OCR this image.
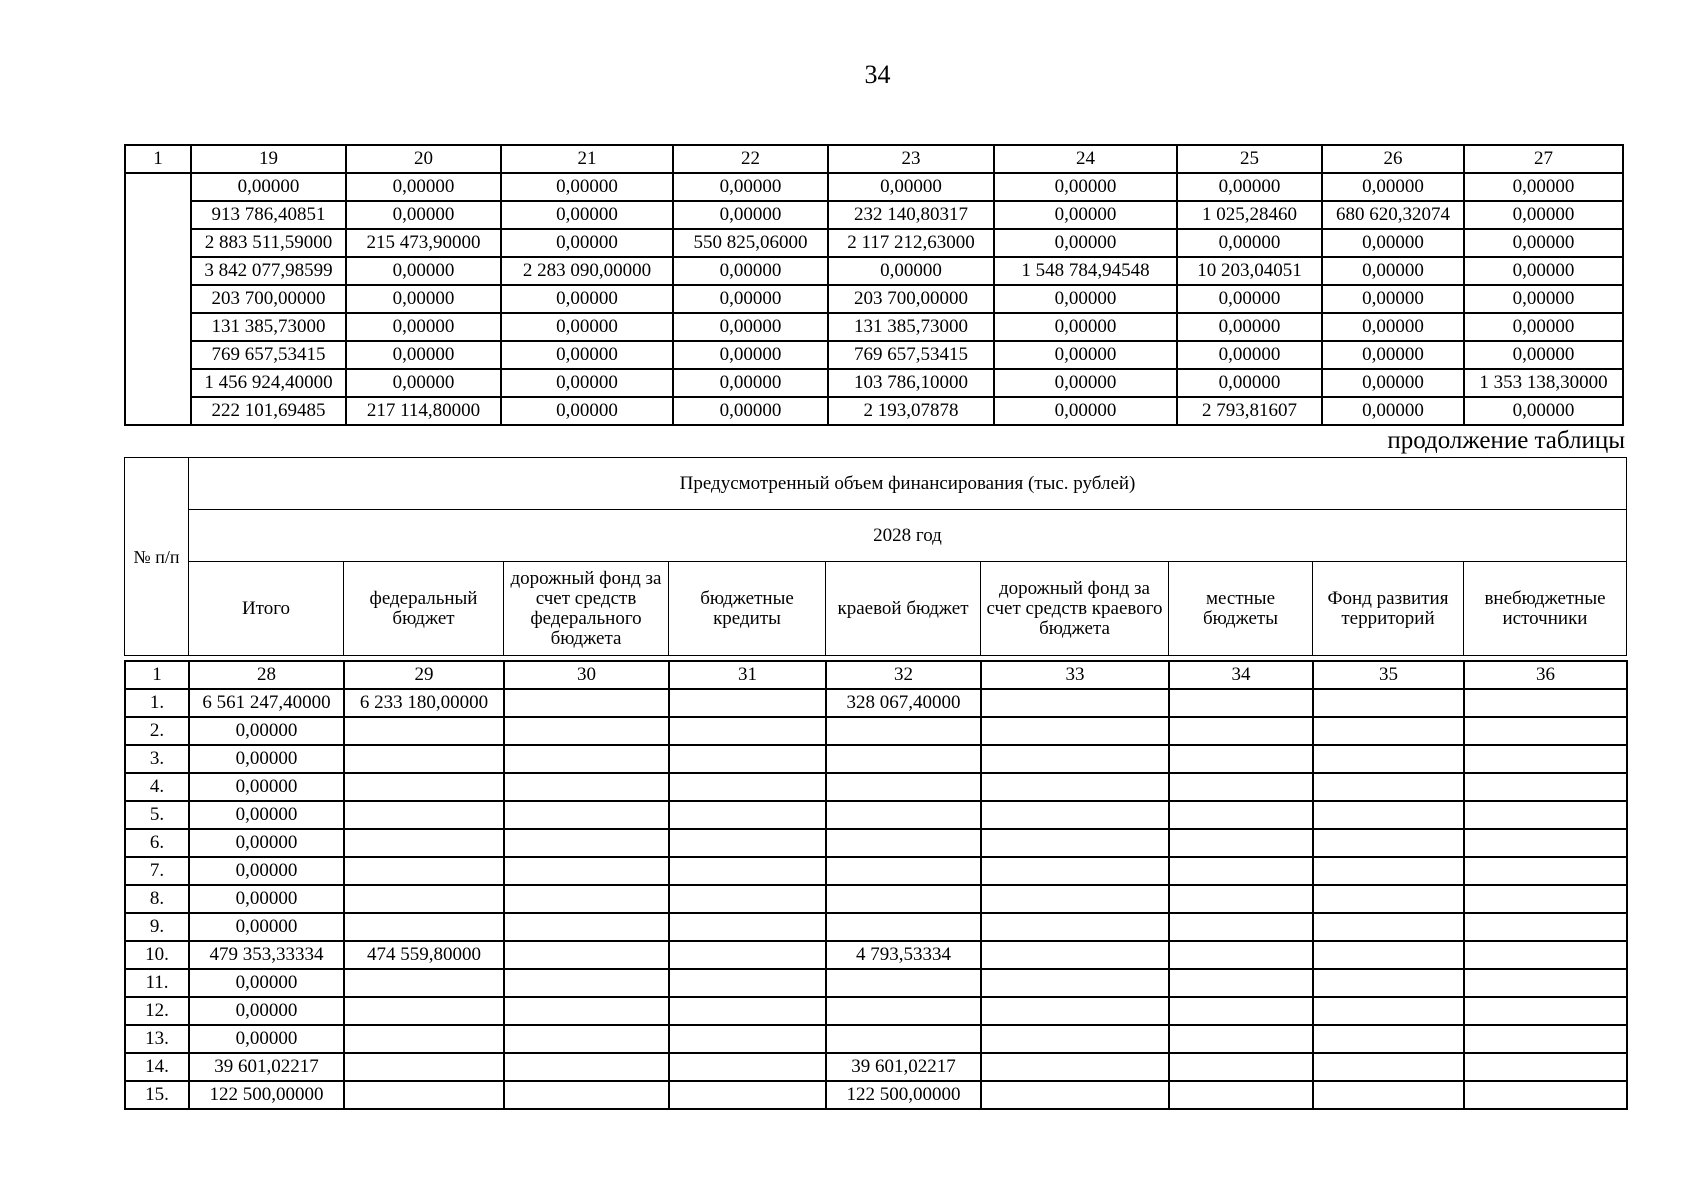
34
1	19	20	21	22	23	24	25	26	27
	0,00000	0,00000	0,00000	0,00000	0,00000	0,00000	0,00000	0,00000	0,00000
	913 786,40851	0,00000	0,00000	0,00000	232 140,80317	0,00000	1 025,28460	680 620,32074	0,00000
	2 883 511,59000	215 473,90000	0,00000	550 825,06000	2 117 212,63000	0,00000	0,00000	0,00000	0,00000
	3 842 077,98599	0,00000	2 283 090,00000	0,00000	0,00000	1 548 784,94548	10 203,04051	0,00000	0,00000
	203 700,00000	0,00000	0,00000	0,00000	203 700,00000	0,00000	0,00000	0,00000	0,00000
	131 385,73000	0,00000	0,00000	0,00000	131 385,73000	0,00000	0,00000	0,00000	0,00000
	769 657,53415	0,00000	0,00000	0,00000	769 657,53415	0,00000	0,00000	0,00000	0,00000
	1 456 924,40000	0,00000	0,00000	0,00000	103 786,10000	0,00000	0,00000	0,00000	1 353 138,30000
	222 101,69485	217 114,80000	0,00000	0,00000	2 193,07878	0,00000	2 793,81607	0,00000	0,00000
продолжение таблицы
№ п/п	Предусмотренный объем финансирования (тыс. рублей)								
	2028 год								
	Итого	федеральный бюджет	дорожный фонд за счет средств федерального бюджета	бюджетные кредиты	краевой бюджет	дорожный фонд за счет средств краевого бюджета	местные бюджеты	Фонд развития территорий	внебюджетные источники
1	28	29	30	31	32	33	34	35	36
1.	6 561 247,40000	6 233 180,00000			328 067,40000				
2.	0,00000								
3.	0,00000								
4.	0,00000								
5.	0,00000								
6.	0,00000								
7.	0,00000								
8.	0,00000								
9.	0,00000								
10.	479 353,33334	474 559,80000			4 793,53334				
11.	0,00000								
12.	0,00000								
13.	0,00000								
14.	39 601,02217				39 601,02217				
15.	122 500,00000				122 500,00000				
